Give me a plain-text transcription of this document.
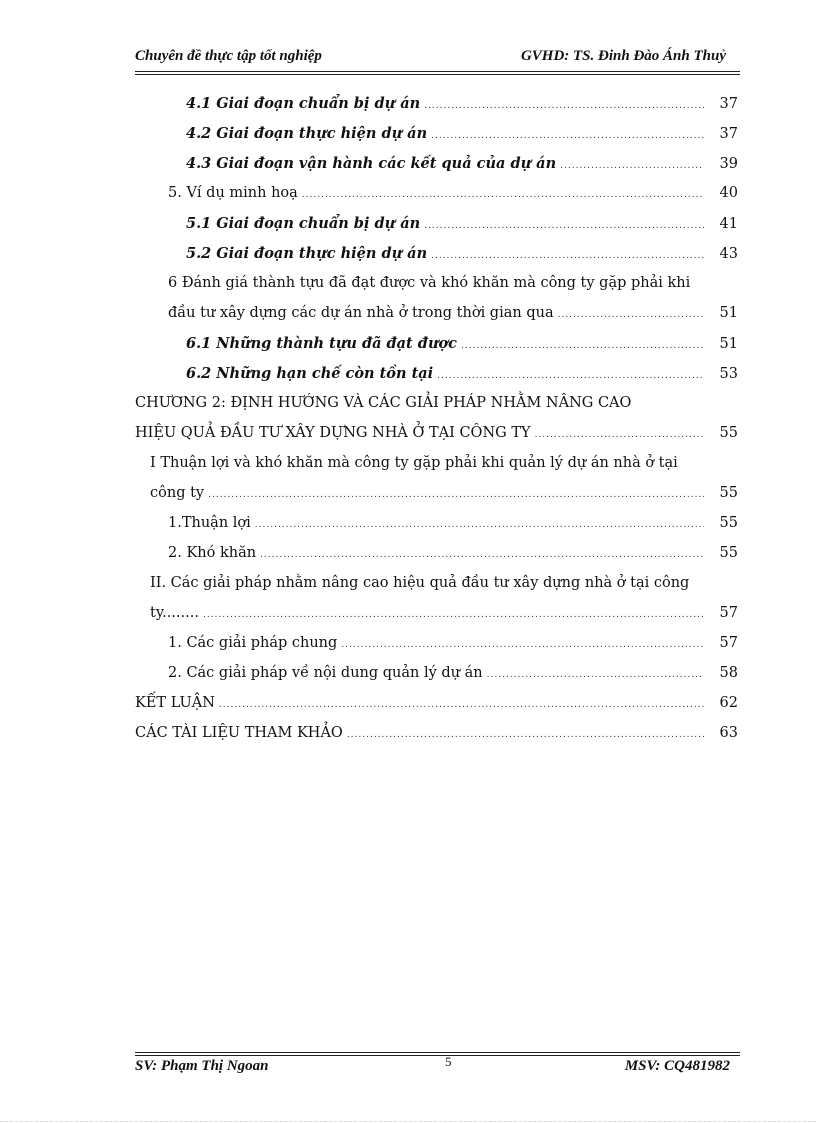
Chuyên đề thực tập tốt nghiệp	GVHD: TS. Đinh Đào Ánh Thuỷ
4.1 Giai đoạn chuẩn bị dự án .....	37
4.2 Giai đoạn thực hiện dự án .....	37
4.3 Giai đoạn vận hành các kết quả của dự án .....	39
5. Ví dụ minh hoạ .....	40
5.1 Giai đoạn chuẩn bị dự án .....	41
5.2 Giai đoạn thực hiện dự án .....	43
6 Đánh giá thành tựu đã đạt được và khó khăn mà công ty gặp phải khi
đầu tư xây dựng các dự án nhà ở trong thời gian qua .....	51
6.1 Những thành tựu đã đạt được .....	51
6.2 Những hạn chế còn tồn tại .....	53
CHƯƠNG 2: ĐỊNH HƯỚNG VÀ CÁC GIẢI PHÁP NHẰM NÂNG CAO
HIỆU QUẢ ĐẦU TƯ XÂY DỰNG NHÀ Ở TẠI CÔNG TY .....	55
I Thuận lợi và khó khăn mà công ty gặp phải khi quản lý dự án nhà ở tại
công ty .....	55
1.Thuận lợi .....	55
2. Khó khăn .....	55
II. Các giải pháp nhằm nâng cao hiệu quả đầu tư xây dựng nhà ở tại công
ty........ .....	57
1. Các giải pháp chung .....	57
2. Các giải pháp về nội dung quản lý dự án .....	58
KẾT LUẬN .....	62
CÁC TÀI LIỆU THAM KHẢO .....	63
SV: Phạm Thị Ngoan	5	MSV: CQ481982
